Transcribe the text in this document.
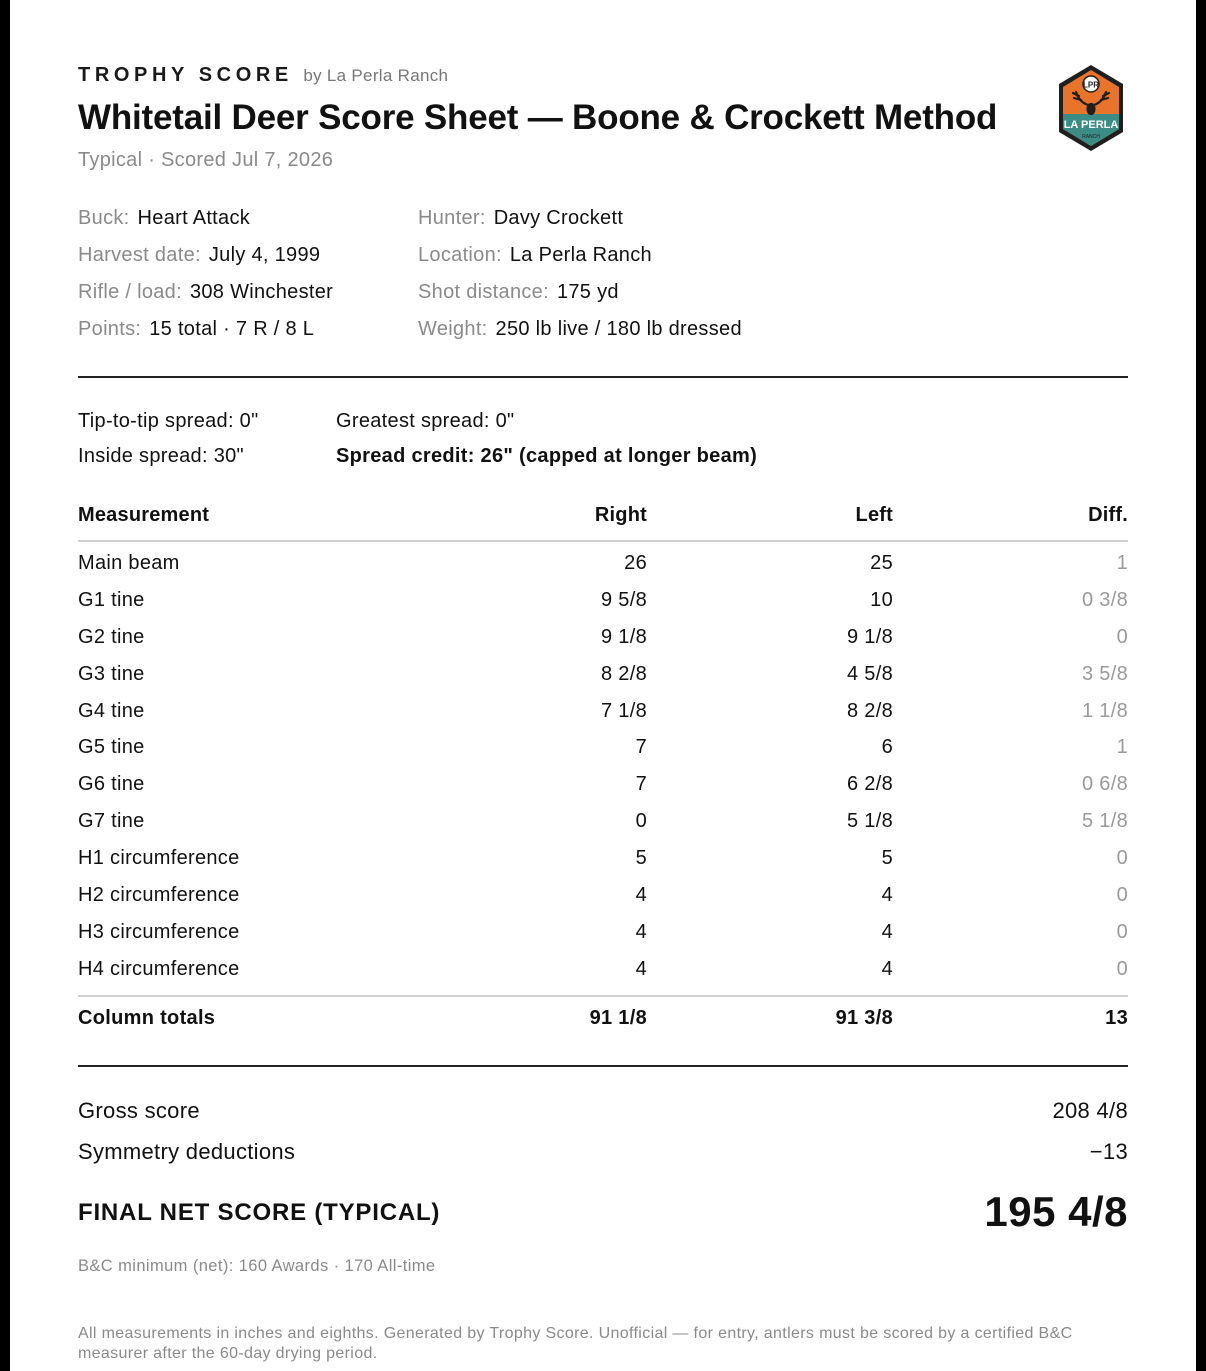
TROPHY SCORE by La Perla Ranch
Whitetail Deer Score Sheet — Boone & Crockett Method
Typical · Scored Jul 7, 2026
LPR
LA PERLA
RANCH
Buck: Heart Attack
Harvest date: July 4, 1999
Rifle / load: 308 Winchester
Points: 15 total · 7 R / 8 L
Hunter: Davy Crockett
Location: La Perla Ranch
Shot distance: 175 yd
Weight: 250 lb live / 180 lb dressed
Tip-to-tip spread: 0"
Inside spread: 30"
Greatest spread: 0"
Spread credit: 26" (capped at longer beam)
Measurement	Right	Left	Diff.
Main beam	26	25	1
G1 tine	9 5/8	10	0 3/8
G2 tine	9 1/8	9 1/8	0
G3 tine	8 2/8	4 5/8	3 5/8
G4 tine	7 1/8	8 2/8	1 1/8
G5 tine	7	6	1
G6 tine	7	6 2/8	0 6/8
G7 tine	0	5 1/8	5 1/8
H1 circumference	5	5	0
H2 circumference	4	4	0
H3 circumference	4	4	0
H4 circumference	4	4	0
Column totals	91 1/8	91 3/8	13
Gross score	208 4/8
Symmetry deductions	−13
FINAL NET SCORE (TYPICAL)	195 4/8
B&C minimum (net): 160 Awards · 170 All-time
All measurements in inches and eighths. Generated by Trophy Score. Unofficial — for entry, antlers must be scored by a certified B&C measurer after the 60-day drying period.
